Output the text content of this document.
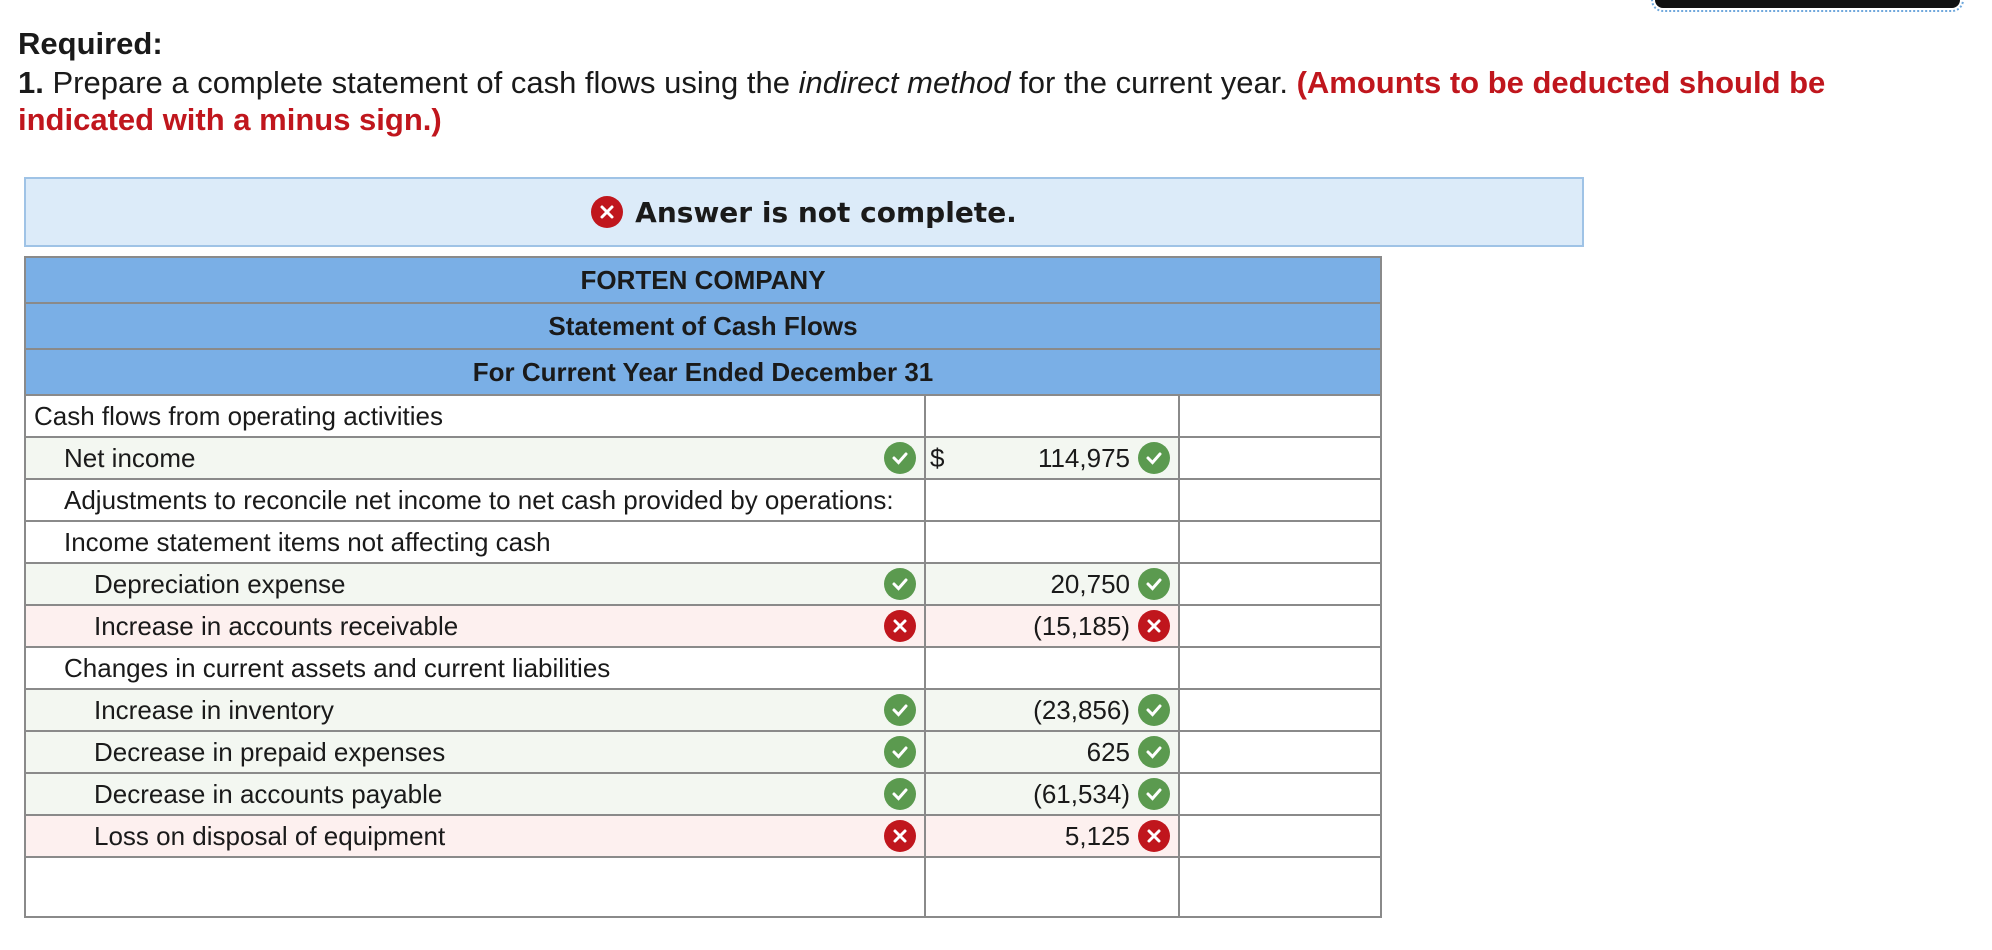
Required:
1. Prepare a complete statement of cash flows using the indirect method for the current year. (Amounts to be deducted should be indicated with a minus sign.)
Answer is not complete.
FORTEN COMPANY		
Statement of Cash Flows		
For Current Year Ended December 31		
Cash flows from operating activities		

Net income	$ 114,975	

Adjustments to reconcile net income to net cash provided by operations:		
Income statement items not affecting cash		

Depreciation expense	20,750	

Increase in accounts receivable	(15,185)	

Changes in current assets and current liabilities		

Increase in inventory	(23,856)	

Decrease in prepaid expenses	625	

Decrease in accounts payable	(61,534)	

Loss on disposal of equipment	5,125	
